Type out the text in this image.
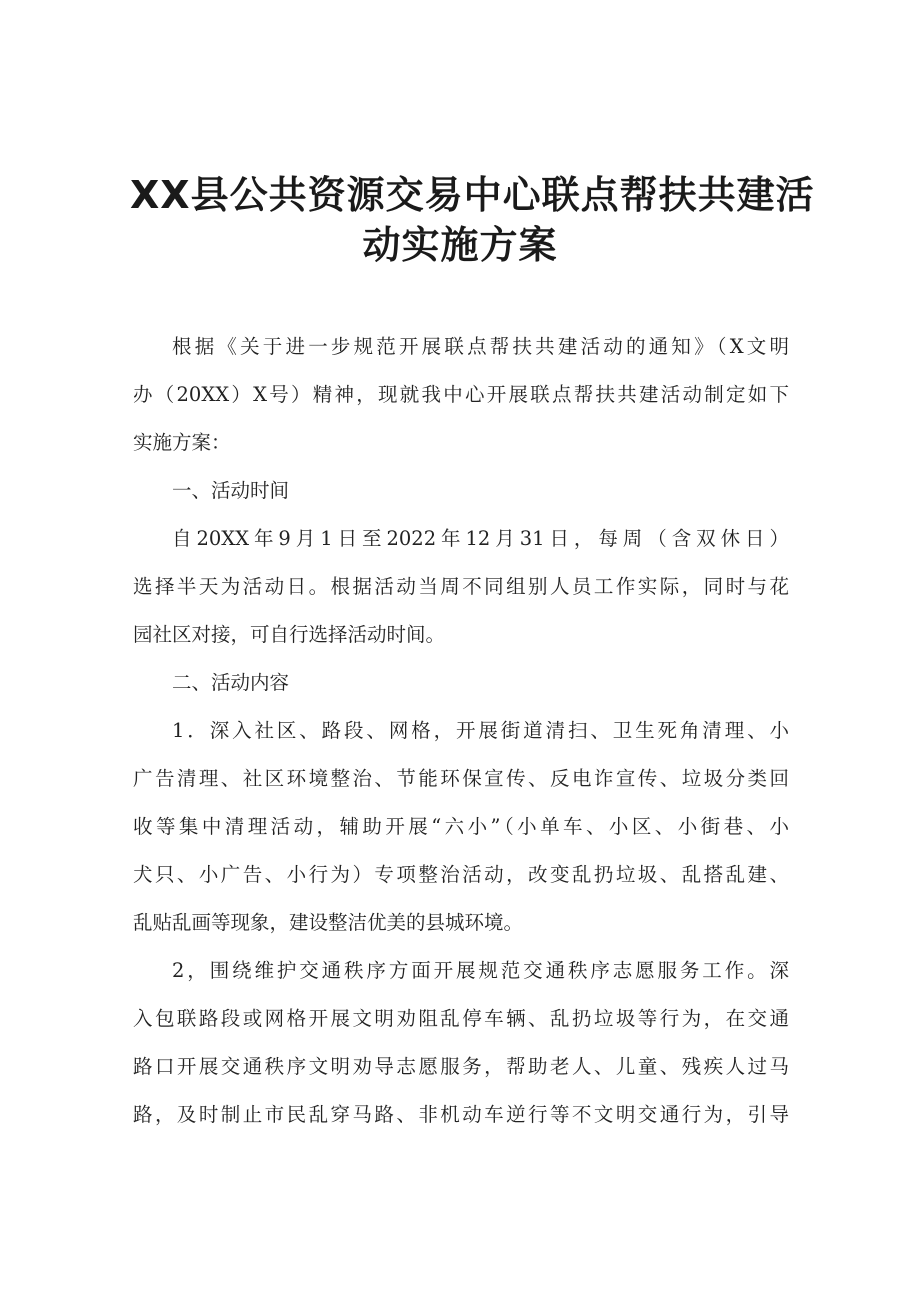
XX县公共资源交易中心联点帮扶共建活
动实施方案

根据《关于进一步规范开展联点帮扶共建活动的通知》（X文明
办（20XX）X号）精神，现就我中心开展联点帮扶共建活动制定如下
实施方案：

一、活动时间

自20XX年9月1日至2022年12月31日，每周（含双休日）
选择半天为活动日。根据活动当周不同组别人员工作实际，同时与花
园社区对接，可自行选择活动时间。

二、活动内容

1．深入社区、路段、网格，开展街道清扫、卫生死角清理、小
广告清理、社区环境整治、节能环保宣传、反电诈宣传、垃圾分类回
收等集中清理活动，辅助开展“六小”（小单车、小区、小街巷、小
犬只、小广告、小行为）专项整治活动，改变乱扔垃圾、乱搭乱建、
乱贴乱画等现象，建设整洁优美的县城环境。

2，围绕维护交通秩序方面开展规范交通秩序志愿服务工作。深
入包联路段或网格开展文明劝阻乱停车辆、乱扔垃圾等行为，在交通
路口开展交通秩序文明劝导志愿服务，帮助老人、儿童、残疾人过马
路，及时制止市民乱穿马路、非机动车逆行等不文明交通行为，引导
